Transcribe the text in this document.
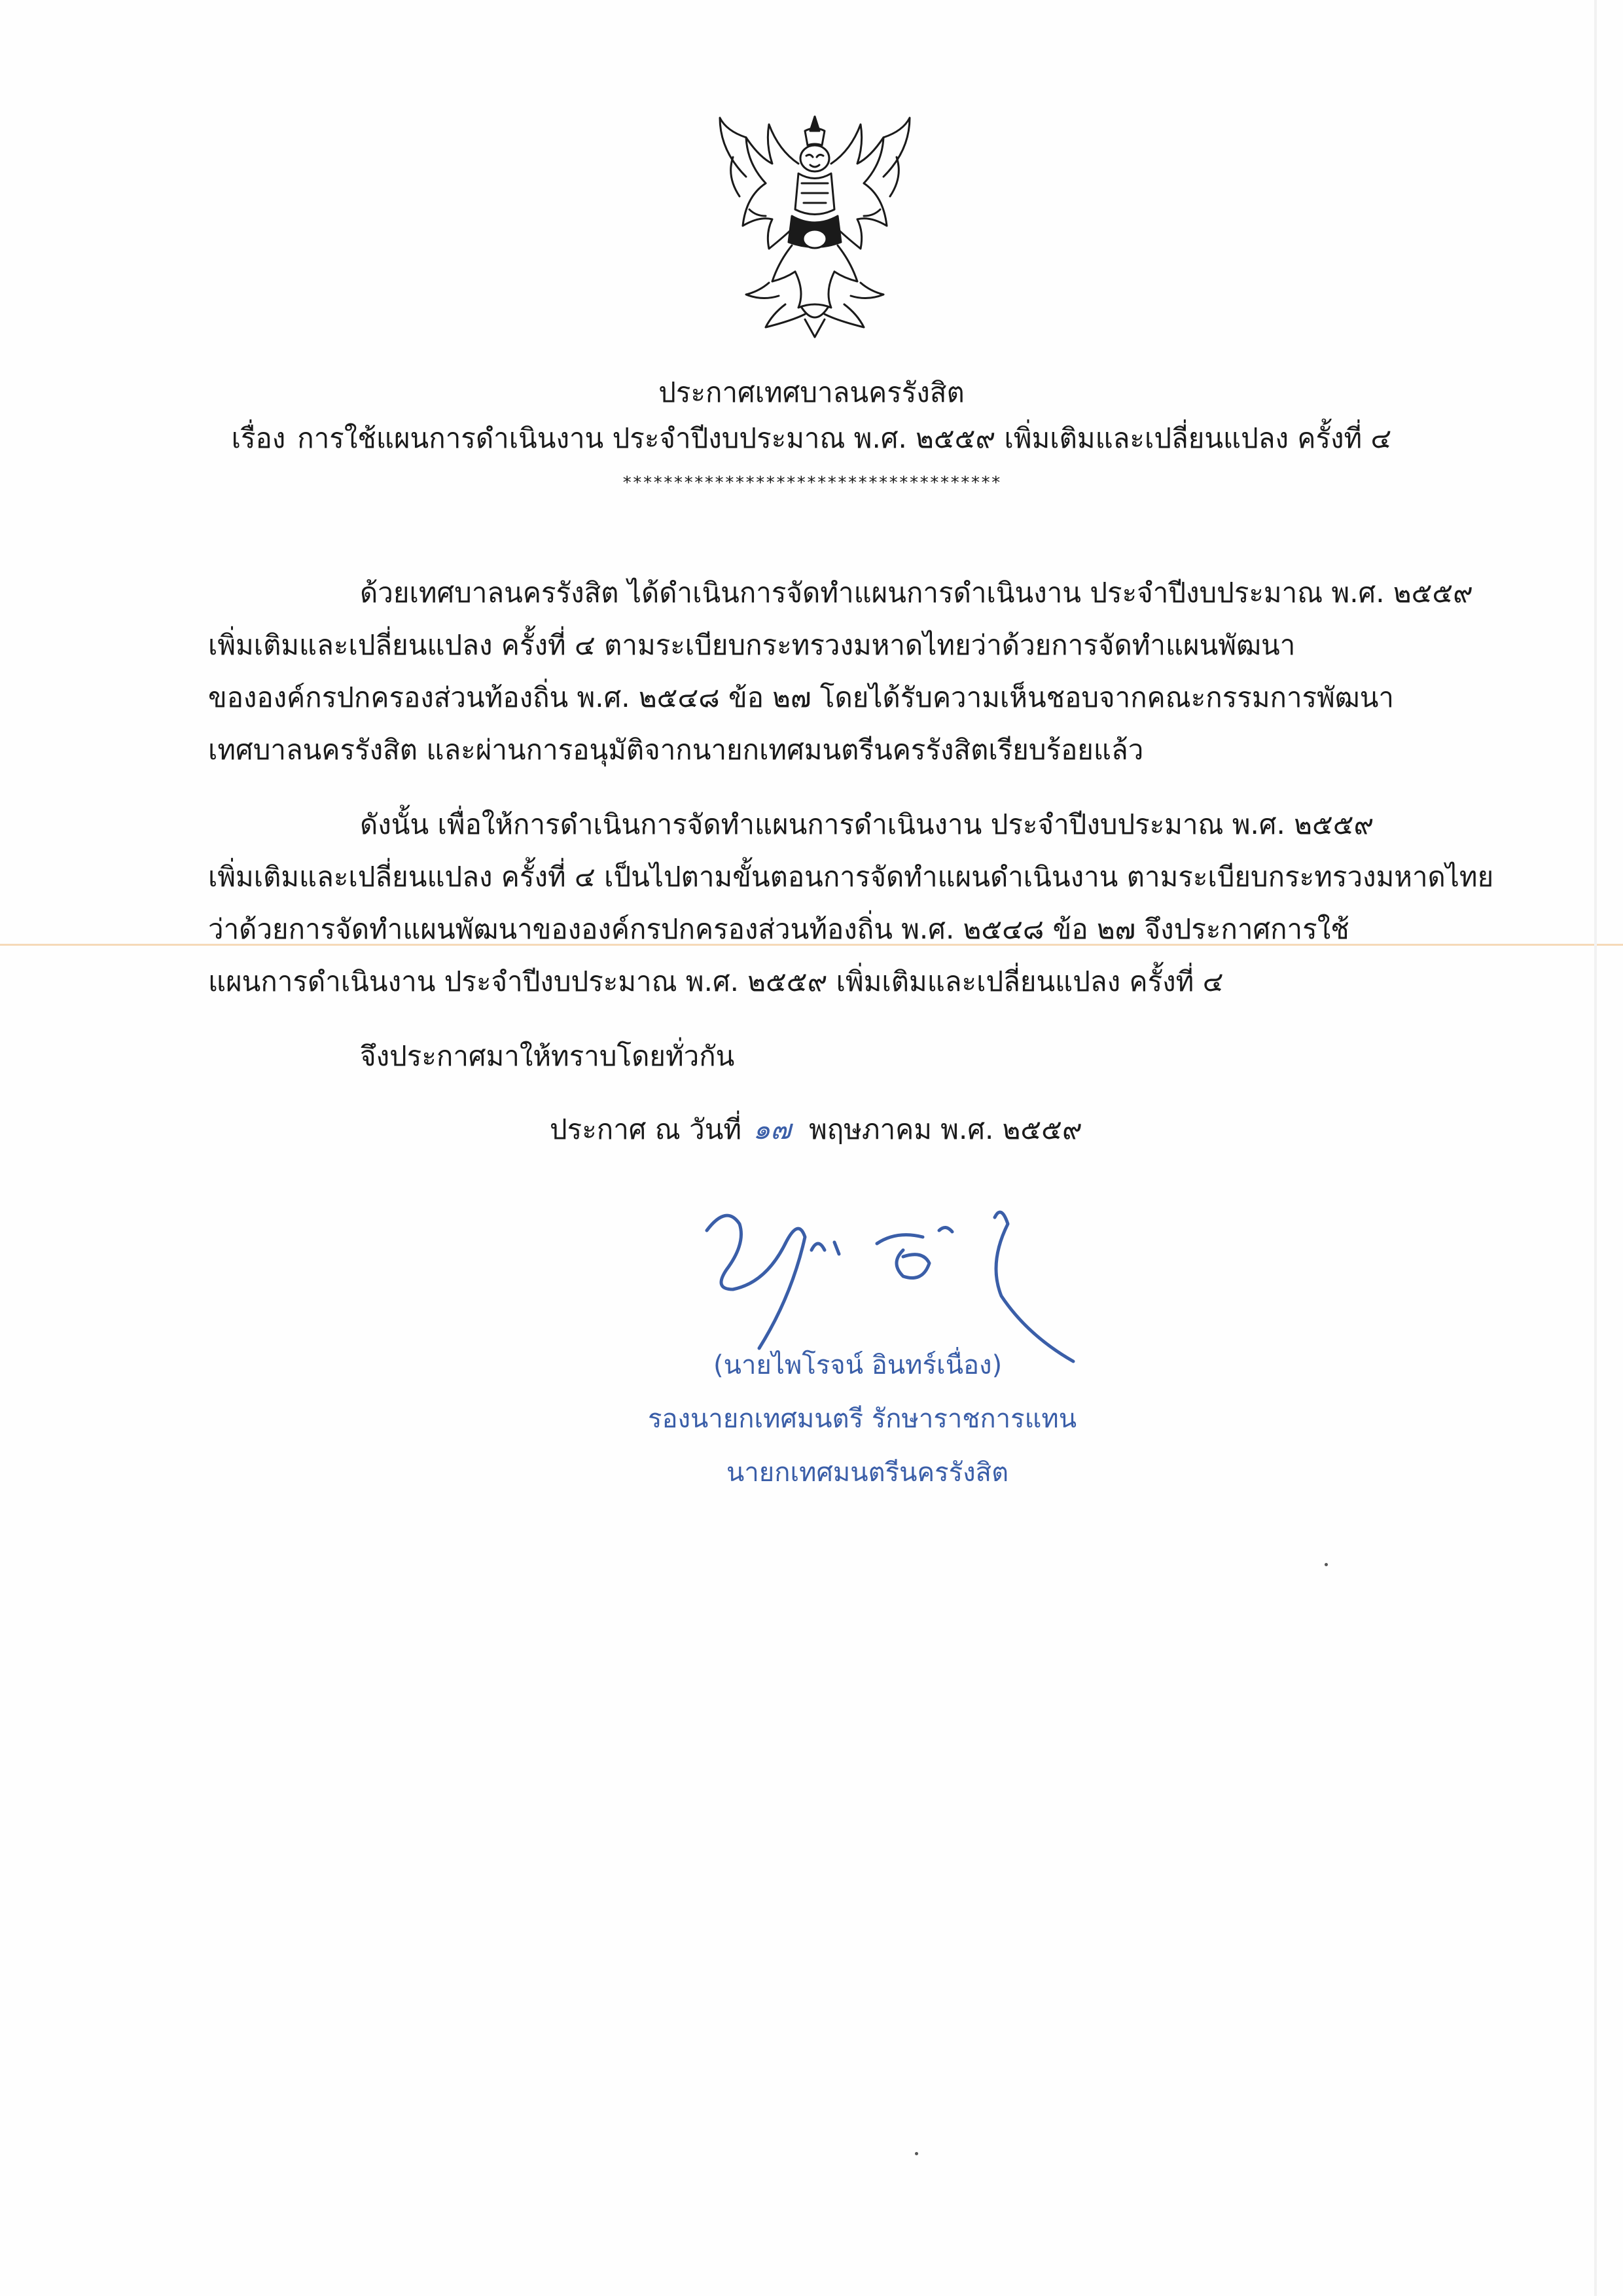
ประกาศเทศบาลนครรังสิต
เรื่อง การใช้แผนการดำเนินงาน ประจำปีงบประมาณ พ.ศ. ๒๕๕๙ เพิ่มเติมและเปลี่ยนแปลง ครั้งที่ ๔
*************************************
ด้วยเทศบาลนครรังสิต ได้ดำเนินการจัดทำแผนการดำเนินงาน ประจำปีงบประมาณ พ.ศ. ๒๕๕๙
เพิ่มเติมและเปลี่ยนแปลง ครั้งที่ ๔ ตามระเบียบกระทรวงมหาดไทยว่าด้วยการจัดทำแผนพัฒนา
ขององค์กรปกครองส่วนท้องถิ่น พ.ศ. ๒๕๔๘ ข้อ ๒๗ โดยได้รับความเห็นชอบจากคณะกรรมการพัฒนา
เทศบาลนครรังสิต และผ่านการอนุมัติจากนายกเทศมนตรีนครรังสิตเรียบร้อยแล้ว
ดังนั้น เพื่อให้การดำเนินการจัดทำแผนการดำเนินงาน ประจำปีงบประมาณ พ.ศ. ๒๕๕๙
เพิ่มเติมและเปลี่ยนแปลง ครั้งที่ ๔ เป็นไปตามขั้นตอนการจัดทำแผนดำเนินงาน ตามระเบียบกระทรวงมหาดไทย
ว่าด้วยการจัดทำแผนพัฒนาขององค์กรปกครองส่วนท้องถิ่น พ.ศ. ๒๕๔๘ ข้อ ๒๗ จึงประกาศการใช้
แผนการดำเนินงาน ประจำปีงบประมาณ พ.ศ. ๒๕๕๙ เพิ่มเติมและเปลี่ยนแปลง ครั้งที่ ๔
จึงประกาศมาให้ทราบโดยทั่วกัน
ประกาศ ณ วันที่ ๑๗ พฤษภาคม พ.ศ. ๒๕๕๙
(นายไพโรจน์ อินทร์เนื่อง)
รองนายกเทศมนตรี รักษาราชการแทน
นายกเทศมนตรีนครรังสิต
